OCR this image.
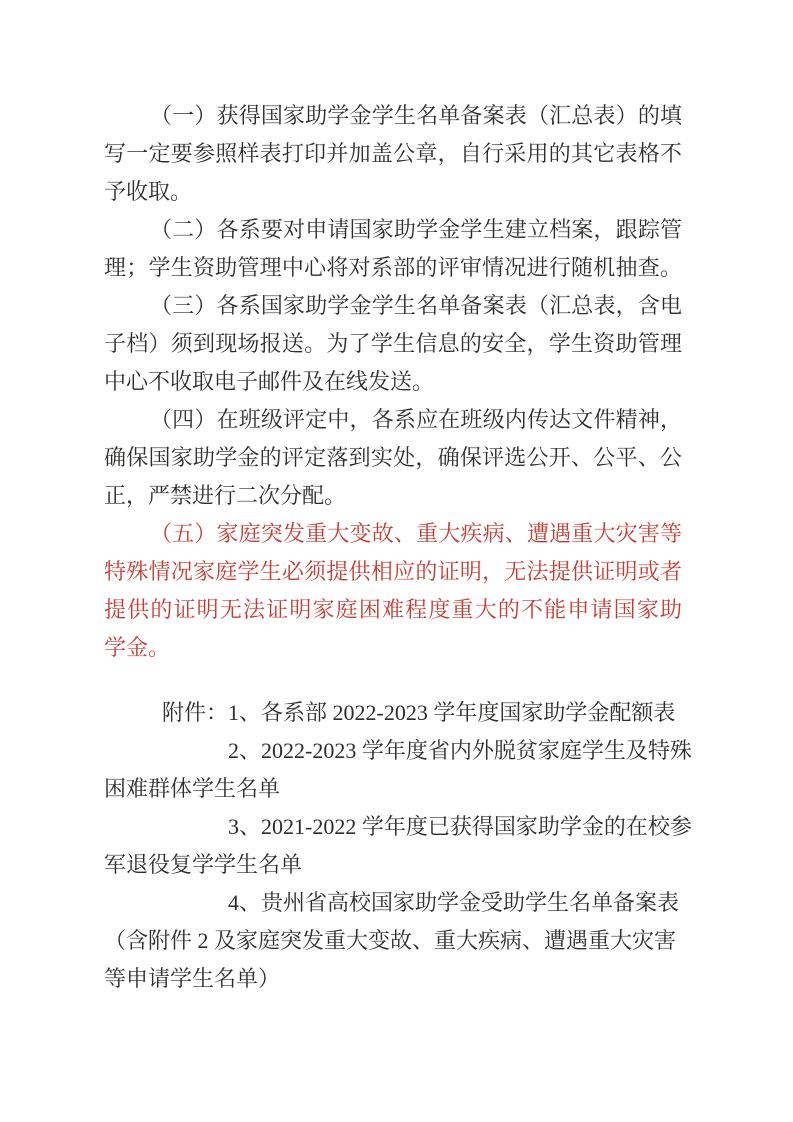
（一）获得国家助学金学生名单备案表（汇总表）的填
写一定要参照样表打印并加盖公章，自行采用的其它表格不
予收取。
（二）各系要对申请国家助学金学生建立档案，跟踪管
理；学生资助管理中心将对系部的评审情况进行随机抽查。
（三）各系国家助学金学生名单备案表（汇总表，含电
子档）须到现场报送。为了学生信息的安全，学生资助管理
中心不收取电子邮件及在线发送。
（四）在班级评定中，各系应在班级内传达文件精神，
确保国家助学金的评定落到实处，确保评选公开、公平、公
正，严禁进行二次分配。
（五）家庭突发重大变故、重大疾病、遭遇重大灾害等
特殊情况家庭学生必须提供相应的证明，无法提供证明或者
提供的证明无法证明家庭困难程度重大的不能申请国家助
学金。
附件：1、各系部 2022-2023 学年度国家助学金配额表
2、2022-2023 学年度省内外脱贫家庭学生及特殊
困难群体学生名单
3、2021-2022 学年度已获得国家助学金的在校参
军退役复学学生名单
4、贵州省高校国家助学金受助学生名单备案表
（含附件 2 及家庭突发重大变故、重大疾病、遭遇重大灾害
等申请学生名单）
